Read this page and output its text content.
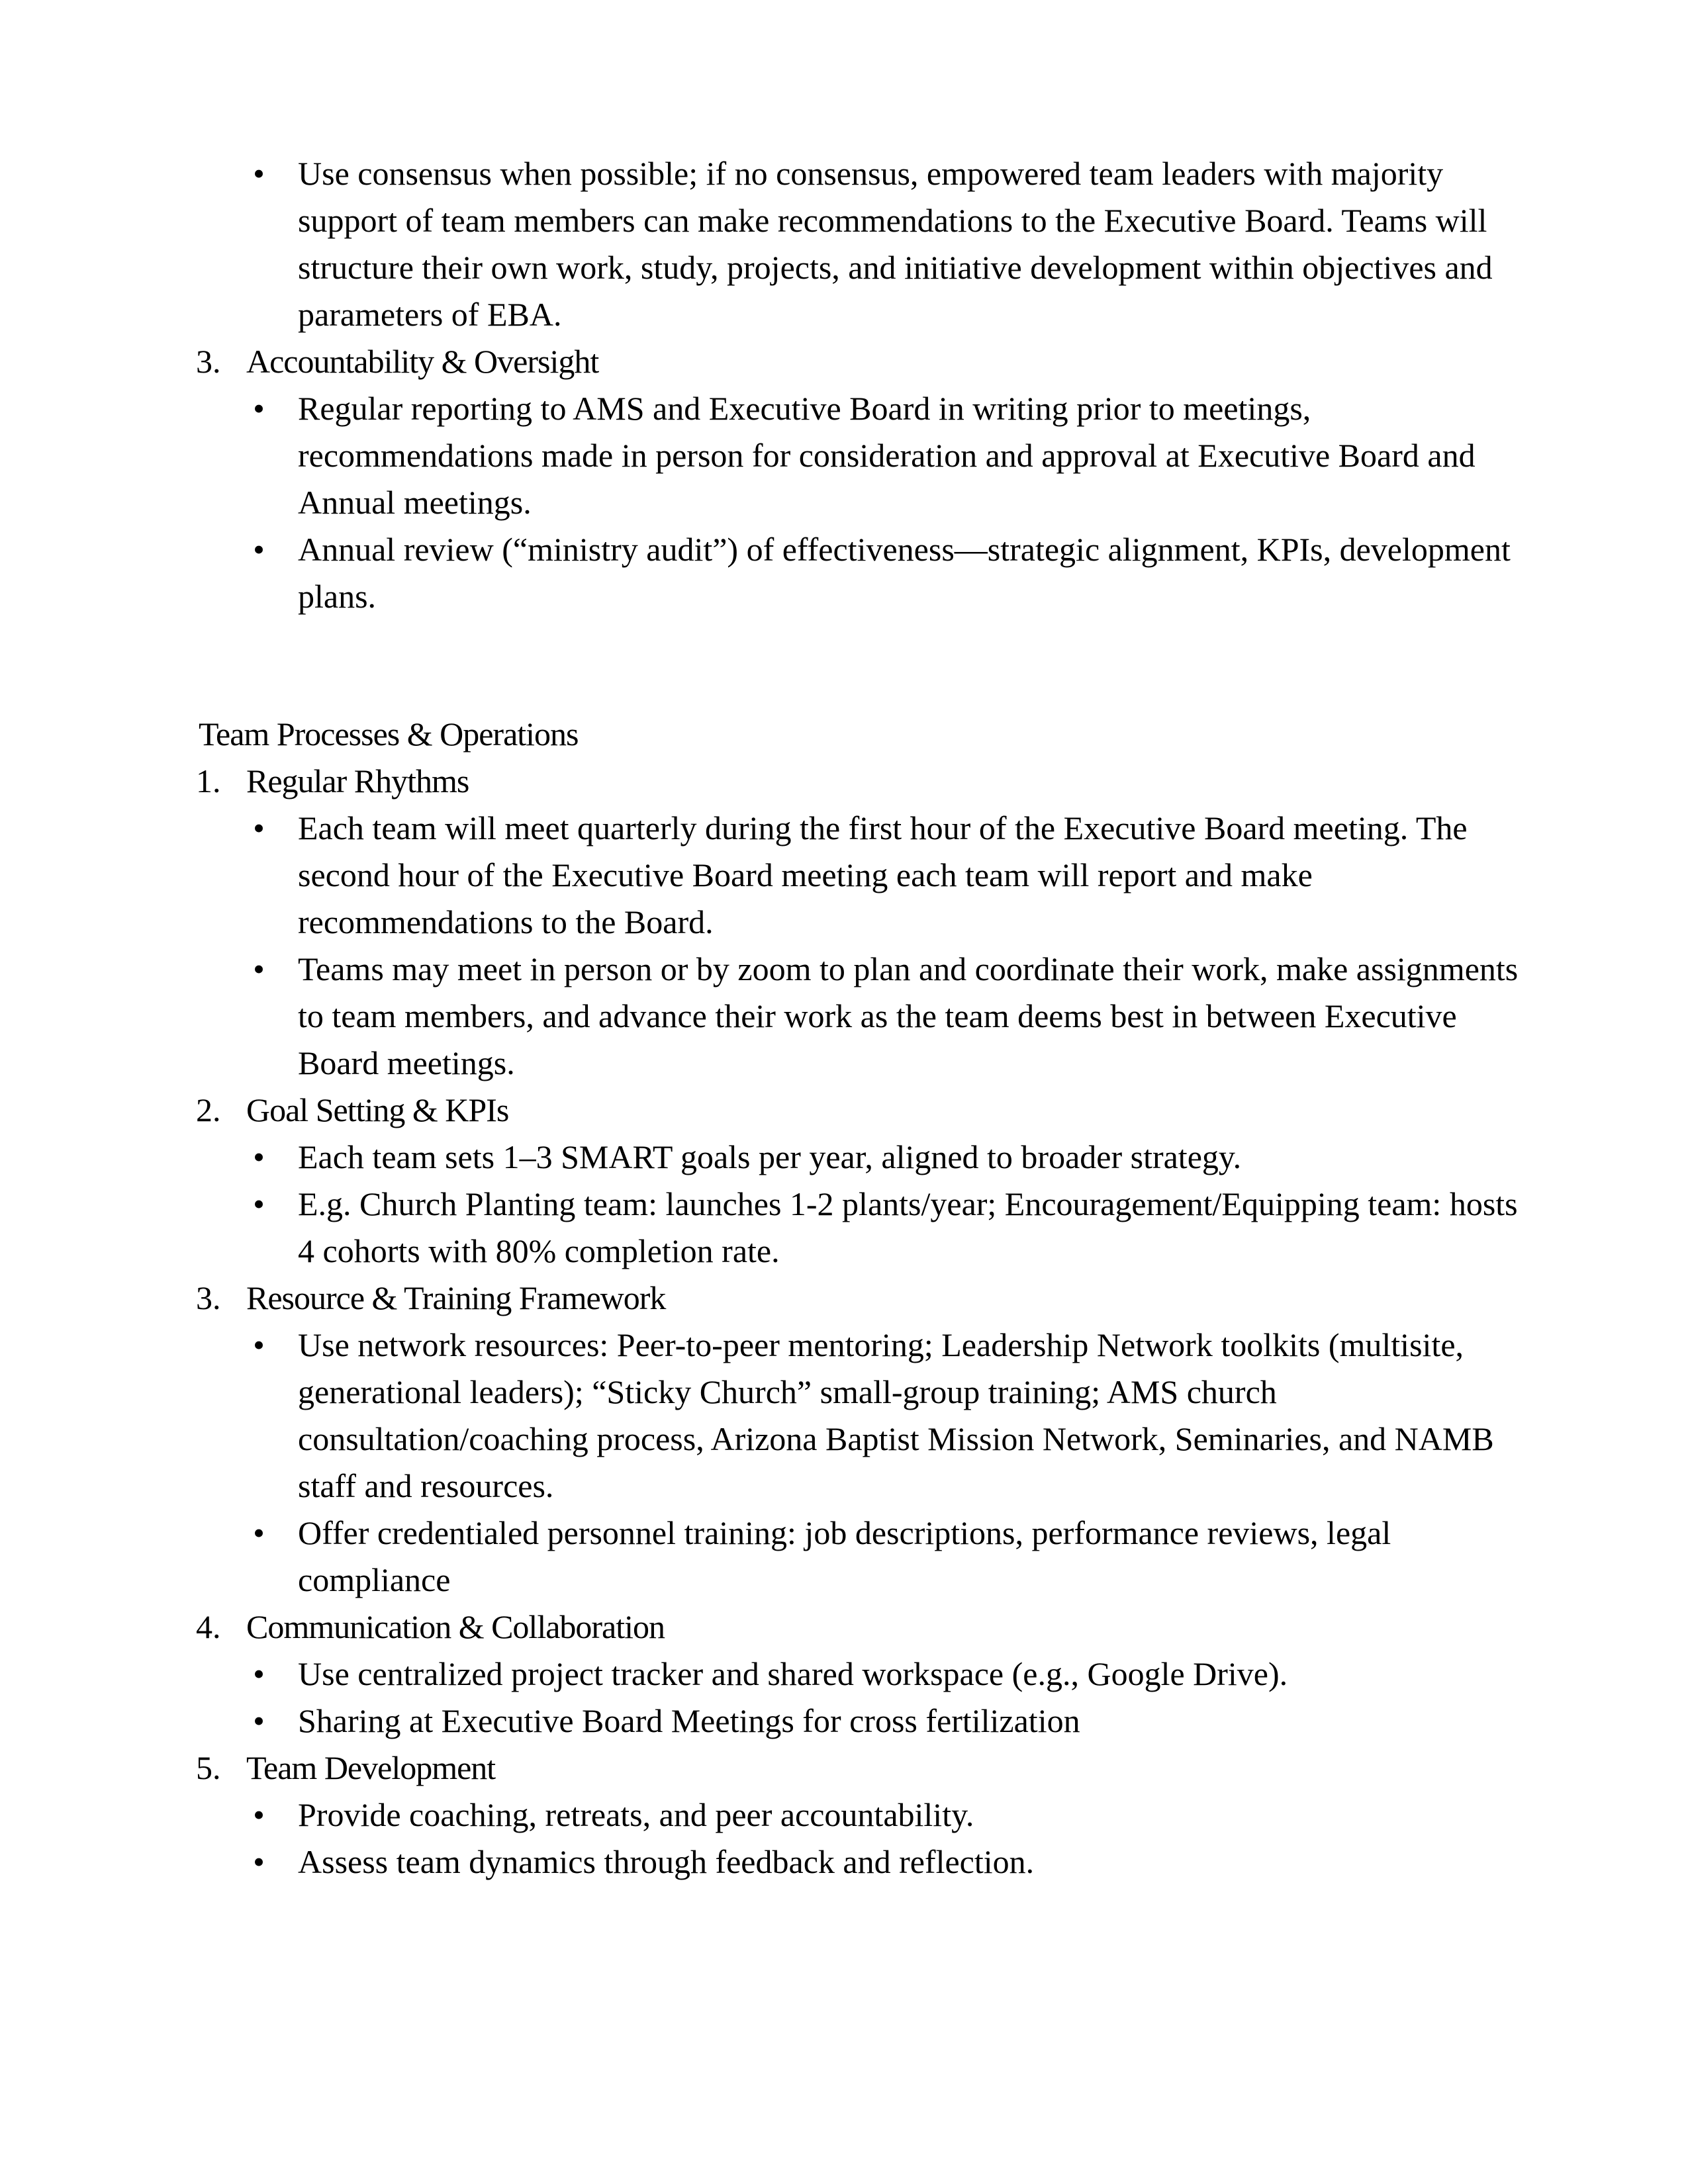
• Use consensus when possible; if no consensus, empowered team leaders with majority support of team members can make recommendations to the Executive Board. Teams will structure their own work, study, projects, and initiative development within objectives and parameters of EBA.
3. Accountability & Oversight
• Regular reporting to AMS and Executive Board in writing prior to meetings, recommendations made in person for consideration and approval at Executive Board and Annual meetings.
• Annual review (“ministry audit”) of effectiveness—strategic alignment, KPIs, development plans.
Team Processes & Operations
1. Regular Rhythms
• Each team will meet quarterly during the first hour of the Executive Board meeting. The second hour of the Executive Board meeting each team will report and make recommendations to the Board.
• Teams may meet in person or by zoom to plan and coordinate their work, make assignments to team members, and advance their work as the team deems best in between Executive Board meetings.
2. Goal Setting & KPIs
• Each team sets 1–3 SMART goals per year, aligned to broader strategy.
• E.g. Church Planting team: launches 1-2 plants/year; Encouragement/Equipping team: hosts 4 cohorts with 80% completion rate.
3. Resource & Training Framework
• Use network resources: Peer-to-peer mentoring; Leadership Network toolkits (multisite, generational leaders); “Sticky Church” small-group training; AMS church consultation/coaching process, Arizona Baptist Mission Network, Seminaries, and NAMB staff and resources.
• Offer credentialed personnel training: job descriptions, performance reviews, legal compliance
4. Communication & Collaboration
• Use centralized project tracker and shared workspace (e.g., Google Drive).
• Sharing at Executive Board Meetings for cross fertilization
5. Team Development
• Provide coaching, retreats, and peer accountability.
• Assess team dynamics through feedback and reflection.
